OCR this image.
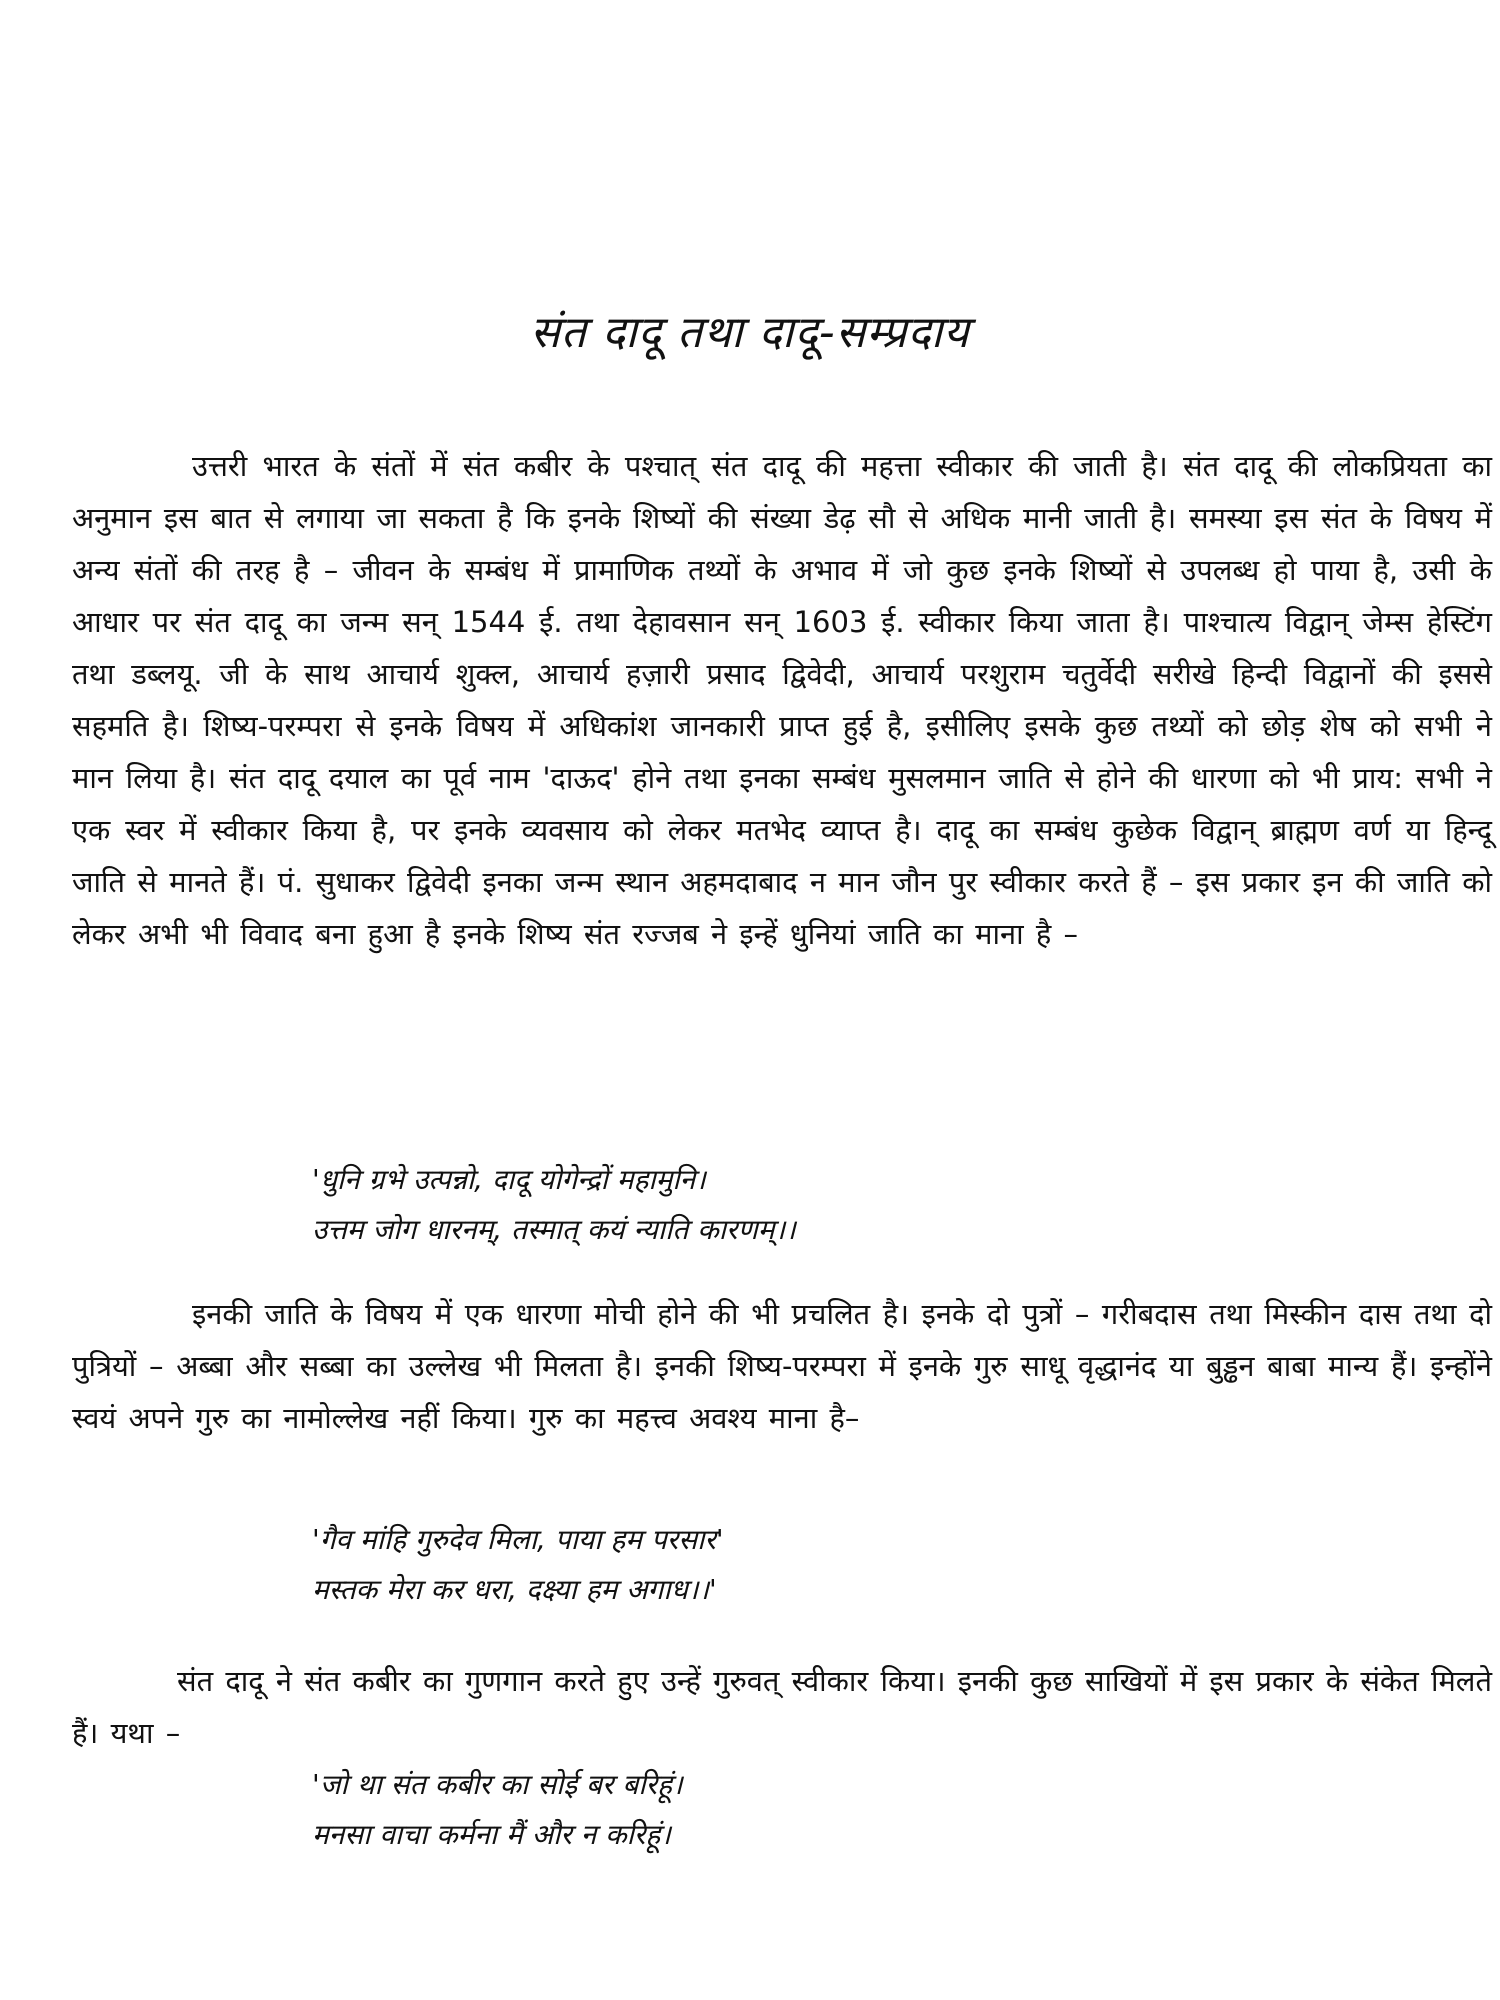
संत दादू तथा दादू-सम्प्रदाय
उत्तरी भारत के संतों में संत कबीर के पश्चात् संत दादू की महत्ता स्वीकार की जाती है। संत दादू की लोकप्रियता का अनुमान इस बात से लगाया जा सकता है कि इनके शिष्यों की संख्या डेढ़ सौ से अधिक मानी जाती है। समस्या इस संत के विषय में अन्य संतों की तरह है – जीवन के सम्बंध में प्रामाणिक तथ्यों के अभाव में जो कुछ इनके शिष्यों से उपलब्ध हो पाया है, उसी के आधार पर संत दादू का जन्म सन् 1544 ई. तथा देहावसान सन् 1603 ई. स्वीकार किया जाता है। पाश्चात्य विद्वान् जेम्स हेस्टिंग तथा डब्लयू. जी के साथ आचार्य शुक्ल, आचार्य हज़ारी प्रसाद द्विवेदी, आचार्य परशुराम चतुर्वेदी सरीखे हिन्दी विद्वानों की इससे सहमति है। शिष्य-परम्परा से इनके विषय में अधिकांश जानकारी प्राप्त हुई है, इसीलिए इसके कुछ तथ्यों को छोड़ शेष को सभी ने मान लिया है। संत दादू दयाल का पूर्व नाम 'दाऊद' होने तथा इनका सम्बंध मुसलमान जाति से होने की धारणा को भी प्राय: सभी ने एक स्वर में स्वीकार किया है, पर इनके व्यवसाय को लेकर मतभेद व्याप्त है। दादू का सम्बंध कुछेक विद्वान् ब्राह्मण वर्ण या हिन्दू जाति से मानते हैं। पं. सुधाकर द्विवेदी इनका जन्म स्थान अहमदाबाद न मान जौन पुर स्वीकार करते हैं – इस प्रकार इन की जाति को लेकर अभी भी विवाद बना हुआ है इनके शिष्य संत रज्जब ने इन्हें धुनियां जाति का माना है –
'धुनि ग्रभे उत्पन्नो, दादू योगेन्द्रों महामुनि।
उत्तम जोग धारनम्, तस्मात् कयं न्याति कारणम्।।
इनकी जाति के विषय में एक धारणा मोची होने की भी प्रचलित है। इनके दो पुत्रों – गरीबदास तथा मिस्कीन दास तथा दो पुत्रियों – अब्बा और सब्बा का उल्लेख भी मिलता है। इनकी शिष्य-परम्परा में इनके गुरु साधू वृद्धानंद या बुड्ढन बाबा मान्य हैं। इन्होंने स्वयं अपने गुरु का नामोल्लेख नहीं किया। गुरु का महत्त्व अवश्य माना है–
'गैव मांहि गुरुदेव मिला, पाया हम परसार'
मस्तक मेरा कर धरा, दक्ष्या हम अगाध।।'
संत दादू ने संत कबीर का गुणगान करते हुए उन्हें गुरुवत् स्वीकार किया। इनकी कुछ साखियों में इस प्रकार के संकेत मिलते हैं। यथा –
'जो था संत कबीर का सोई बर बरिहूं।
मनसा वाचा कर्मना मैं और न करिहूं।
